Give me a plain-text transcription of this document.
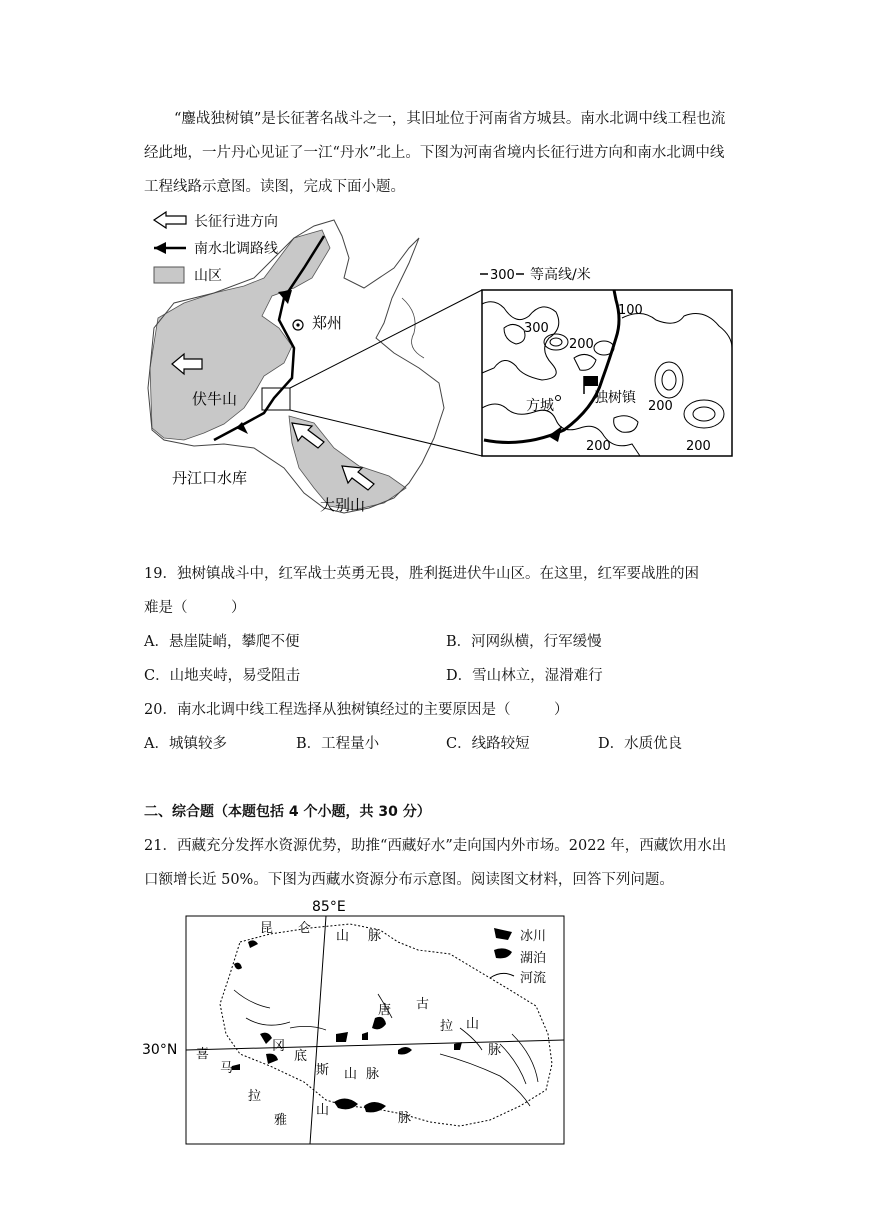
“鏖战独树镇”是长征著名战斗之一，其旧址位于河南省方城县。南水北调中线工程也流经此地，一片丹心见证了一江“丹水”北上。下图为河南省境内长征行进方向和南水北调中线工程线路示意图。读图，完成下面小题。
长征行进方向
南水北调路线
山区
郑州
伏牛山
丹江口水库
大别山
300 等高线/米
300
200
100
方城	独树镇
200
200	200
19．独树镇战斗中，红军战士英勇无畏，胜利挺进伏牛山区。在这里，红军要战胜的困
难是（　　　）
A．悬崖陡峭，攀爬不便	B．河网纵横，行军缓慢
C．山地夹峙，易受阻击	D．雪山林立，湿滑难行
20．南水北调中线工程选择从独树镇经过的主要原因是（　　　）
A．城镇较多	B．工程量小	C．线路较短	D．水质优良
二、综合题（本题包括 4 个小题，共 30 分）
21．西藏充分发挥水资源优势，助推“西藏好水”走向国内外市场。2022 年，西藏饮用水出口额增长近 50%。下图为西藏水资源分布示意图。阅读图文材料，回答下列问题。
85°E
30°N
冰川
湖泊
河流
昆 仑
山 脉
唐 古
拉 山
脉
冈
底
斯 山 脉
喜
马
拉
雅
山
脉
